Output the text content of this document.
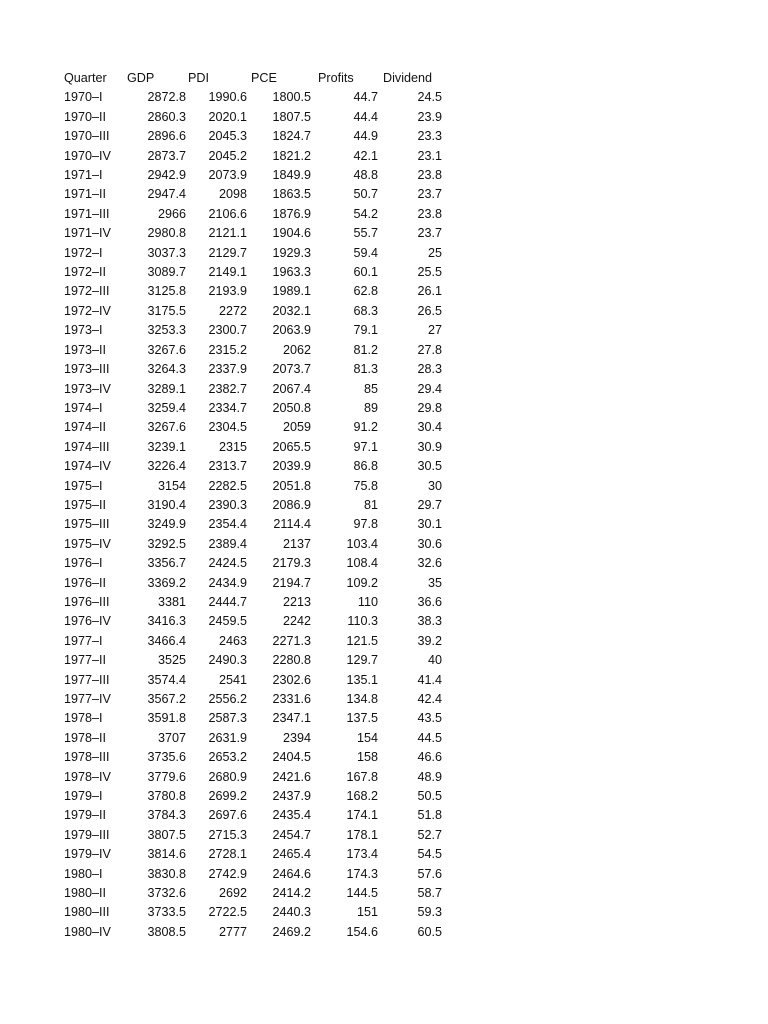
Quarter	GDP	PDI	PCE	Profits	Dividend
1970–I	2872.8	1990.6	1800.5	44.7	24.5
1970–II	2860.3	2020.1	1807.5	44.4	23.9
1970–III	2896.6	2045.3	1824.7	44.9	23.3
1970–IV	2873.7	2045.2	1821.2	42.1	23.1
1971–I	2942.9	2073.9	1849.9	48.8	23.8
1971–II	2947.4	2098	1863.5	50.7	23.7
1971–III	2966	2106.6	1876.9	54.2	23.8
1971–IV	2980.8	2121.1	1904.6	55.7	23.7
1972–I	3037.3	2129.7	1929.3	59.4	25
1972–II	3089.7	2149.1	1963.3	60.1	25.5
1972–III	3125.8	2193.9	1989.1	62.8	26.1
1972–IV	3175.5	2272	2032.1	68.3	26.5
1973–I	3253.3	2300.7	2063.9	79.1	27
1973–II	3267.6	2315.2	2062	81.2	27.8
1973–III	3264.3	2337.9	2073.7	81.3	28.3
1973–IV	3289.1	2382.7	2067.4	85	29.4
1974–I	3259.4	2334.7	2050.8	89	29.8
1974–II	3267.6	2304.5	2059	91.2	30.4
1974–III	3239.1	2315	2065.5	97.1	30.9
1974–IV	3226.4	2313.7	2039.9	86.8	30.5
1975–I	3154	2282.5	2051.8	75.8	30
1975–II	3190.4	2390.3	2086.9	81	29.7
1975–III	3249.9	2354.4	2114.4	97.8	30.1
1975–IV	3292.5	2389.4	2137	103.4	30.6
1976–I	3356.7	2424.5	2179.3	108.4	32.6
1976–II	3369.2	2434.9	2194.7	109.2	35
1976–III	3381	2444.7	2213	110	36.6
1976–IV	3416.3	2459.5	2242	110.3	38.3
1977–I	3466.4	2463	2271.3	121.5	39.2
1977–II	3525	2490.3	2280.8	129.7	40
1977–III	3574.4	2541	2302.6	135.1	41.4
1977–IV	3567.2	2556.2	2331.6	134.8	42.4
1978–I	3591.8	2587.3	2347.1	137.5	43.5
1978–II	3707	2631.9	2394	154	44.5
1978–III	3735.6	2653.2	2404.5	158	46.6
1978–IV	3779.6	2680.9	2421.6	167.8	48.9
1979–I	3780.8	2699.2	2437.9	168.2	50.5
1979–II	3784.3	2697.6	2435.4	174.1	51.8
1979–III	3807.5	2715.3	2454.7	178.1	52.7
1979–IV	3814.6	2728.1	2465.4	173.4	54.5
1980–I	3830.8	2742.9	2464.6	174.3	57.6
1980–II	3732.6	2692	2414.2	144.5	58.7
1980–III	3733.5	2722.5	2440.3	151	59.3
1980–IV	3808.5	2777	2469.2	154.6	60.5
